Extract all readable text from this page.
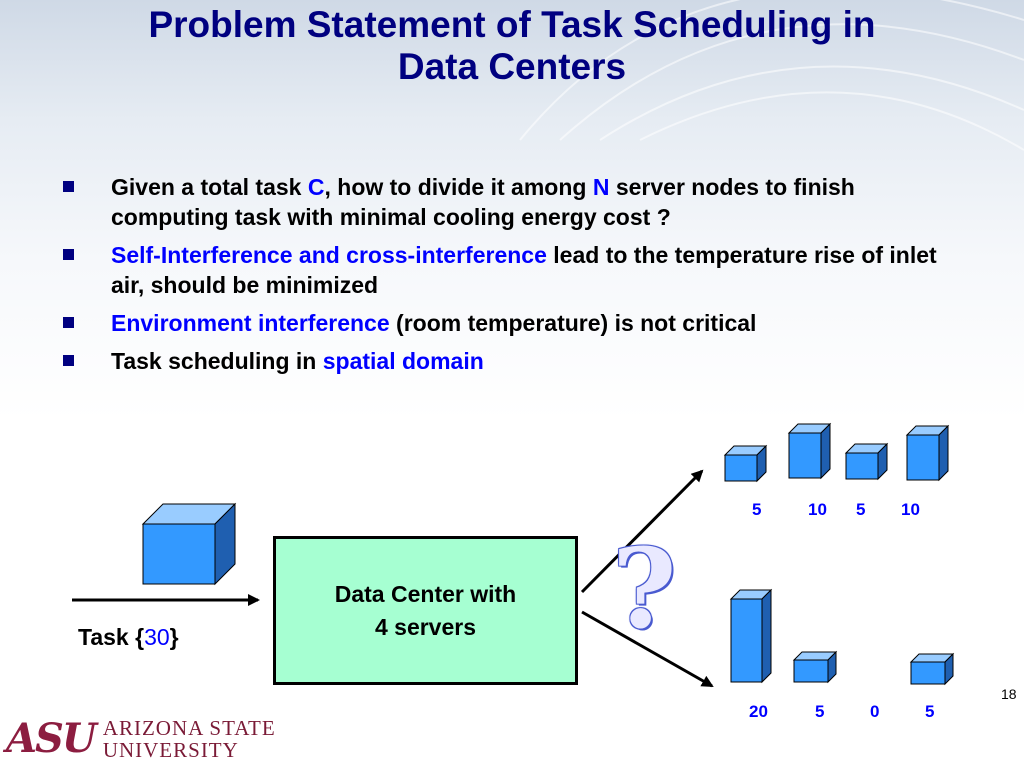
Problem Statement of Task Scheduling in
Data Centers
Given a total task C, how to divide it among N server nodes to finish computing task with minimal cooling energy cost ?
Self-Interference and cross-interference lead to the temperature rise of inlet air, should be minimized
Environment interference (room temperature) is not critical
Task scheduling in spatial domain
Data Center with
4 servers
Task {30}	?
5	10 5 10
20	5	0	5
18
ASU ARIZONA STATE
UNIVERSITY
